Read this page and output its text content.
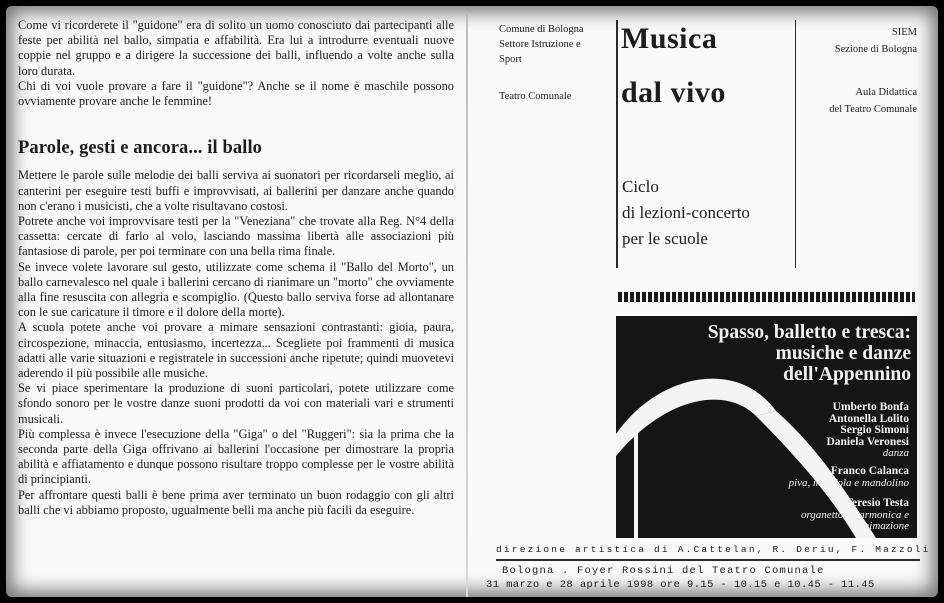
Come vi ricorderete il "guidone" era di solito un uomo conosciuto dai partecipanti alle feste per abilità nel ballo, simpatia e affabilità. Era lui a introdurre eventuali nuove coppie nel gruppo e a dirigere la successione dei balli, influendo a volte anche sulla loro durata.

Chi di voi vuole provare a fare il "guidone"? Anche se il nome è maschile possono ovviamente provare anche le femmine!

Parole, gesti e ancora... il ballo

Mettere le parole sulle melodie dei balli serviva ai suonatori per ricordarseli meglio, ai canterini per eseguire testi buffi e improvvisati, ai ballerini per danzare anche quando non c'erano i musicisti, che a volte risultavano costosi.

Potrete anche voi improvvisare testi per la "Veneziana" che trovate alla Reg. N°4 della cassetta: cercate di farlo al volo, lasciando massima libertà alle associazioni più fantasiose di parole, per poi terminare con una bella rima finale.

Se invece volete lavorare sul gesto, utilizzate come schema il "Ballo del Morto", un ballo carnevalesco nel quale i ballerini cercano di rianimare un "morto" che ovviamente alla fine resuscita con allegria e scompiglio. (Questo ballo serviva forse ad allontanare con le sue caricature il timore e il dolore della morte).

A scuola potete anche voi provare a mimare sensazioni contrastanti: gioia, paura, circospezione, minaccia, entusiasmo, incertezza... Scegliete poi frammenti di musica adatti alle varie situazioni e registratele in successioni anche ripetute; quindi muovetevi aderendo il più possibile alle musiche.

Se vi piace sperimentare la produzione di suoni particolari, potete utilizzare come sfondo sonoro per le vostre danze suoni prodotti da voi con materiali vari e strumenti musicali.

Più complessa è invece l'esecuzione della "Giga" o del "Ruggeri": sia la prima che la seconda parte della Giga offrivano ai ballerini l'occasione per dimostrare la propria abilità e affiatamento e dunque possono risultare troppo complesse per le vostre abilità di principianti.

Per affrontare questi balli è bene prima aver terminato un buon rodaggio con gli altri balli che vi abbiamo proposto, ugualmente belli ma anche più facili da eseguire.

Comune di Bologna
Settore Istruzione e
Sport
Teatro Comunale
Musica
dal vivo
Ciclo
di lezioni-concerto
per le scuole
SIEM
Sezione di Bologna
Aula Didattica
del Teatro Comunale
Spasso, balletto e tresca:
musiche e danze
dell'Appennino
Umberto Bonfa
Antonella Lolito
Sergio Simoni
Daniela Veronesi
danza
Franco Calanca
piva, mandola e mandolino
Teresio Testa
organetto, fisarmonica e
animazione
direzione artistica di A.Cattelan, R. Deriu, F. Mazzoli
Bologna . Foyer Rossini del Teatro Comunale
31 marzo e 28 aprile 1998 ore 9.15 - 10.15 e 10.45 - 11.45
